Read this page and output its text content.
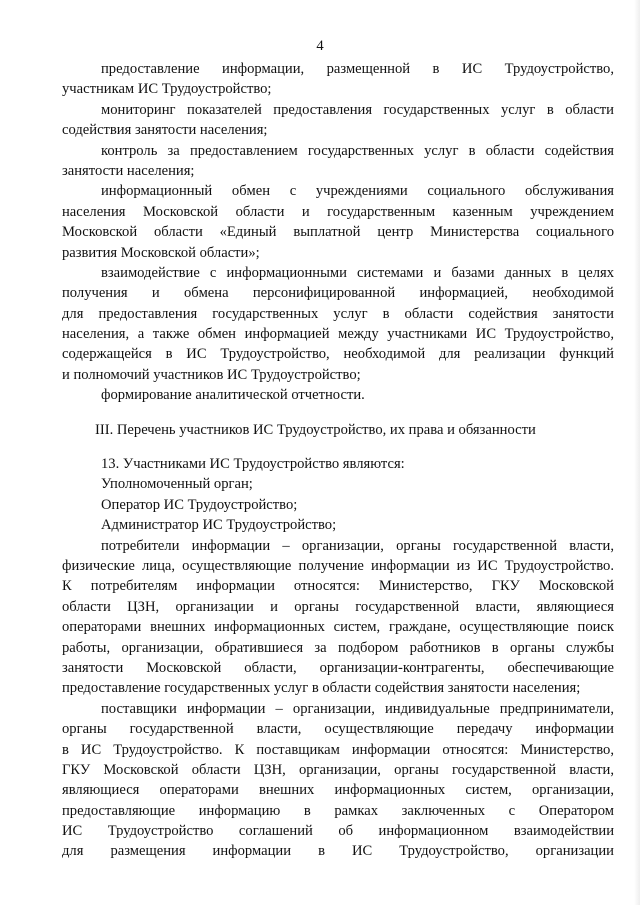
4
предоставление информации, размещенной в ИС Трудоустройство,
участникам ИС Трудоустройство;
мониторинг показателей предоставления государственных услуг в области
содействия занятости населения;
контроль за предоставлением государственных услуг в области содействия
занятости населения;
информационный обмен с учреждениями социального обслуживания
населения Московской области и государственным казенным учреждением
Московской области «Единый выплатной центр Министерства социального
развития Московской области»;
взаимодействие с информационными системами и базами данных в целях
получения и обмена персонифицированной информацией, необходимой
для предоставления государственных услуг в области содействия занятости
населения, а также обмен информацией между участниками ИС Трудоустройство,
содержащейся в ИС Трудоустройство, необходимой для реализации функций
и полномочий участников ИС Трудоустройство;
формирование аналитической отчетности.
III. Перечень участников ИС Трудоустройство, их права и обязанности
13. Участниками ИС Трудоустройство являются:
Уполномоченный орган;
Оператор ИС Трудоустройство;
Администратор ИС Трудоустройство;
потребители информации – организации, органы государственной власти,
физические лица, осуществляющие получение информации из ИС Трудоустройство.
К потребителям информации относятся: Министерство, ГКУ Московской
области ЦЗН, организации и органы государственной власти, являющиеся
операторами внешних информационных систем, граждане, осуществляющие поиск
работы, организации, обратившиеся за подбором работников в органы службы
занятости Московской области, организации-контрагенты, обеспечивающие
предоставление государственных услуг в области содействия занятости населения;
поставщики информации – организации, индивидуальные предприниматели,
органы государственной власти, осуществляющие передачу информации
в ИС Трудоустройство. К поставщикам информации относятся: Министерство,
ГКУ Московской области ЦЗН, организации, органы государственной власти,
являющиеся операторами внешних информационных систем, организации,
предоставляющие информацию в рамках заключенных с Оператором
ИС Трудоустройство соглашений об информационном взаимодействии
для размещения информации в ИС Трудоустройство, организации
